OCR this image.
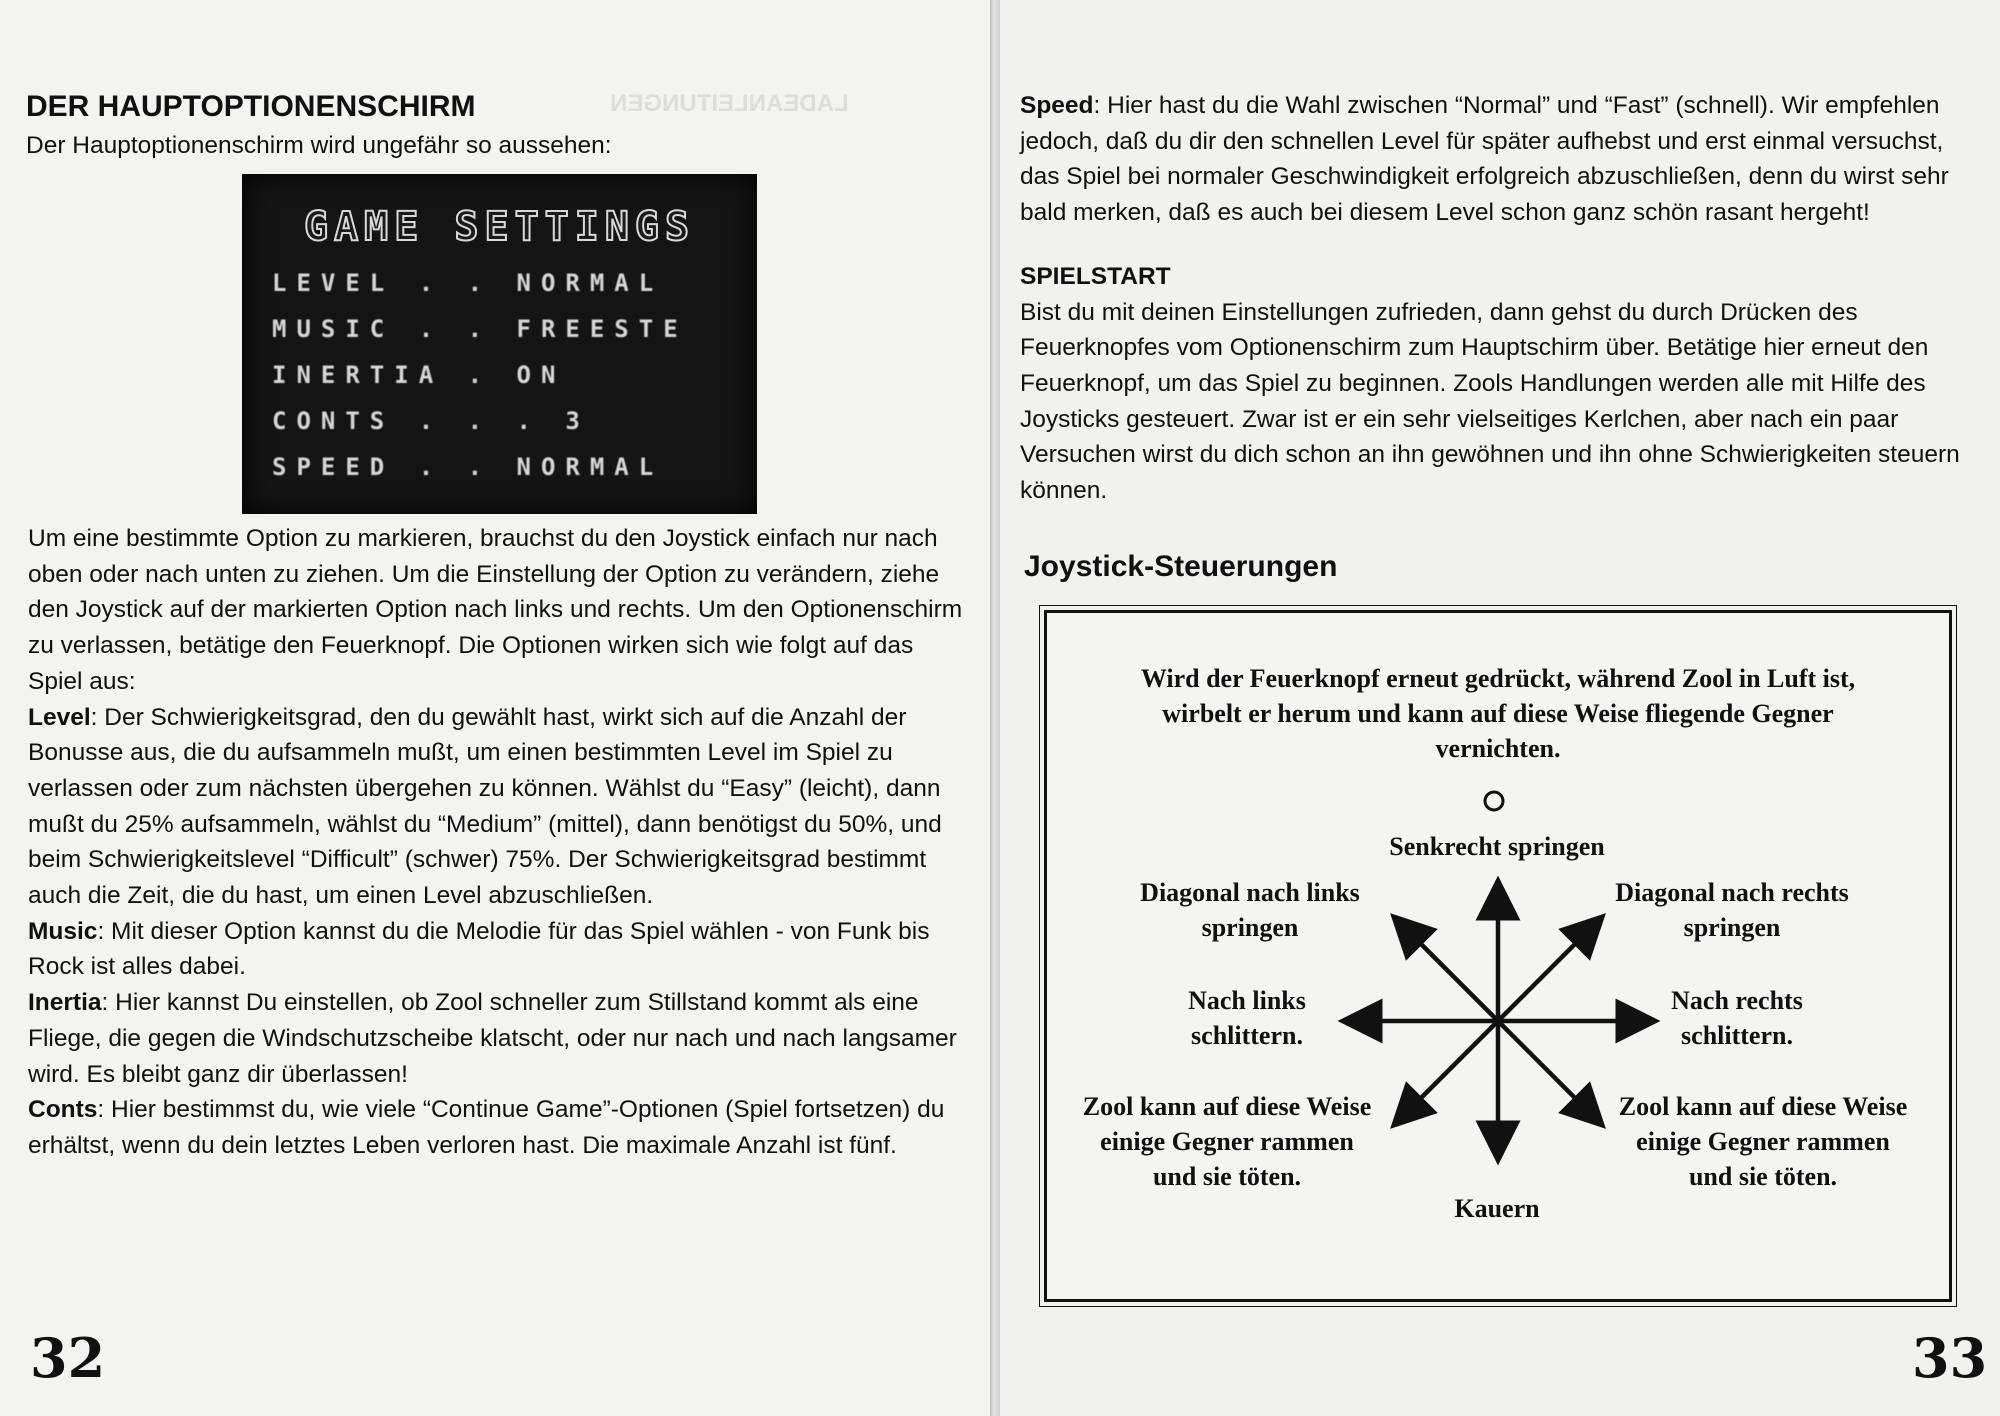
LADEANLEITUNGEN
DER HAUPTOPTIONENSCHIRM
Der Hauptoptionenschirm wird ungefähr so aussehen:
GAME SETTINGS
LEVEL . . NORMAL
MUSIC . . FREESTE
INERTIA . ON
CONTS . . . 3
SPEED . . NORMAL

Um eine bestimmte Option zu markieren, brauchst du den Joystick einfach nur nach oben oder nach unten zu ziehen. Um die Einstellung der Option zu verändern, ziehe den Joystick auf der markierten Option nach links und rechts. Um den Optionenschirm zu verlassen, betätige den Feuerknopf. Die Optionen wirken sich wie folgt auf das Spiel aus:

Level: Der Schwierigkeitsgrad, den du gewählt hast, wirkt sich auf die Anzahl der Bonusse aus, die du aufsammeln mußt, um einen bestimmten Level im Spiel zu verlassen oder zum nächsten übergehen zu können. Wählst du “Easy” (leicht), dann mußt du 25% aufsammeln, wählst du “Medium” (mittel), dann benötigst du 50%, und beim Schwierigkeitslevel “Difficult” (schwer) 75%. Der Schwierigkeitsgrad bestimmt auch die Zeit, die du hast, um einen Level abzuschließen.

Music: Mit dieser Option kannst du die Melodie für das Spiel wählen - von Funk bis Rock ist alles dabei.

Inertia: Hier kannst Du einstellen, ob Zool schneller zum Stillstand kommt als eine Fliege, die gegen die Windschutzscheibe klatscht, oder nur nach und nach langsamer wird. Es bleibt ganz dir überlassen!

Conts: Hier bestimmst du, wie viele “Continue Game”-Optionen (Spiel fortsetzen) du erhältst, wenn du dein letztes Leben verloren hast. Die maximale Anzahl ist fünf.

32

Speed: Hier hast du die Wahl zwischen “Normal” und “Fast” (schnell). Wir empfehlen jedoch, daß du dir den schnellen Level für später aufhebst und erst einmal versuchst, das Spiel bei normaler Geschwindigkeit erfolgreich abzuschließen, denn du wirst sehr bald merken, daß es auch bei diesem Level schon ganz schön rasant hergeht!

SPIELSTART

Bist du mit deinen Einstellungen zufrieden, dann gehst du durch Drücken des Feuerknopfes vom Optionenschirm zum Hauptschirm über. Betätige hier erneut den Feuerknopf, um das Spiel zu beginnen. Zools Handlungen werden alle mit Hilfe des Joysticks gesteuert. Zwar ist er ein sehr vielseitiges Kerlchen, aber nach ein paar Versuchen wirst du dich schon an ihn gewöhnen und ihn ohne Schwierigkeiten steuern können.

Joystick-Steuerungen
Wird der Feuerknopf erneut gedrückt, während Zool in Luft ist, wirbelt er herum und kann auf diese Weise fliegende Gegner vernichten.
Senkrecht springen
Diagonal nach links springen
Diagonal nach rechts springen
Nach links schlittern.
Nach rechts schlittern.
Zool kann auf diese Weise einige Gegner rammen und sie töten.
Kauern
Zool kann auf diese Weise einige Gegner rammen und sie töten.
33
